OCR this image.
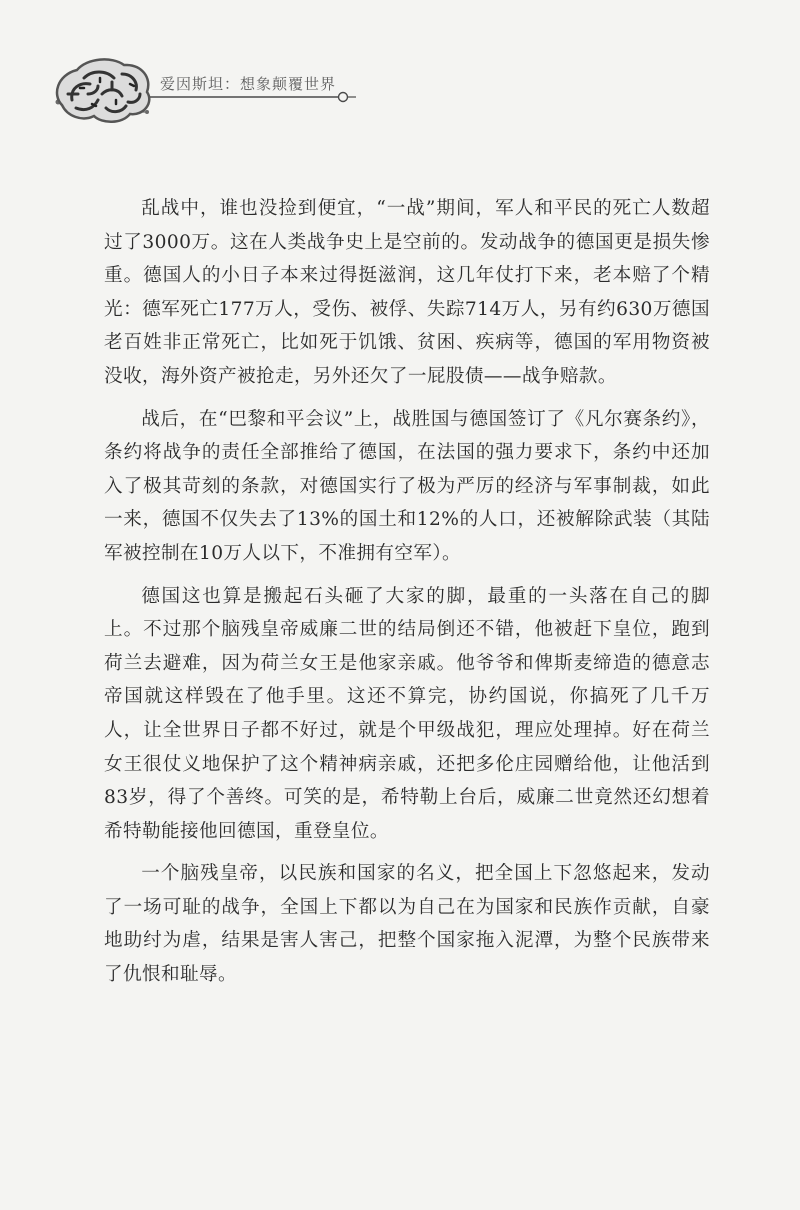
爱因斯坦：想象颠覆世界

乱战中，谁也没捡到便宜，“一战”期间，军人和平民的死亡人数超过了3000万。这在人类战争史上是空前的。发动战争的德国更是损失惨重。德国人的小日子本来过得挺滋润，这几年仗打下来，老本赔了个精光：德军死亡177万人，受伤、被俘、失踪714万人，另有约630万德国老百姓非正常死亡，比如死于饥饿、贫困、疾病等，德国的军用物资被没收，海外资产被抢走，另外还欠了一屁股债——战争赔款。

战后，在“巴黎和平会议”上，战胜国与德国签订了《凡尔赛条约》，条约将战争的责任全部推给了德国，在法国的强力要求下，条约中还加入了极其苛刻的条款，对德国实行了极为严厉的经济与军事制裁，如此一来，德国不仅失去了13%的国土和12%的人口，还被解除武装（其陆军被控制在10万人以下，不准拥有空军）。

德国这也算是搬起石头砸了大家的脚，最重的一头落在自己的脚上。不过那个脑残皇帝威廉二世的结局倒还不错，他被赶下皇位，跑到荷兰去避难，因为荷兰女王是他家亲戚。他爷爷和俾斯麦缔造的德意志帝国就这样毁在了他手里。这还不算完，协约国说，你搞死了几千万人，让全世界日子都不好过，就是个甲级战犯，理应处理掉。好在荷兰女王很仗义地保护了这个精神病亲戚，还把多伦庄园赠给他，让他活到83岁，得了个善终。可笑的是，希特勒上台后，威廉二世竟然还幻想着希特勒能接他回德国，重登皇位。

一个脑残皇帝，以民族和国家的名义，把全国上下忽悠起来，发动了一场可耻的战争，全国上下都以为自己在为国家和民族作贡献，自豪地助纣为虐，结果是害人害己，把整个国家拖入泥潭，为整个民族带来了仇恨和耻辱。
